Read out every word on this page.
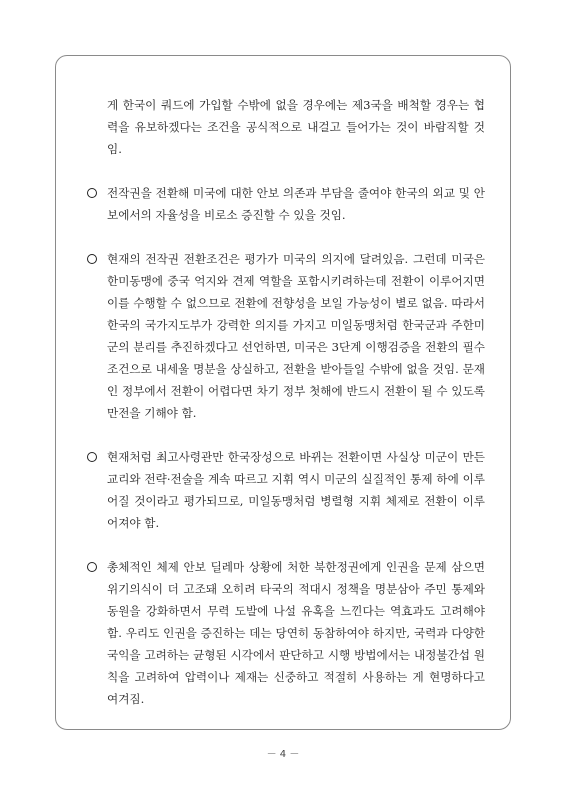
게 한국이 쿼드에 가입할 수밖에 없을 경우에는 제3국을 배척할 경우는 협력을 유보하겠다는 조건을 공식적으로 내걸고 들어가는 것이 바람직할 것임.

전작권을 전환해 미국에 대한 안보 의존과 부담을 줄여야 한국의 외교 및 안보에서의 자율성을 비로소 증진할 수 있을 것임.
현재의 전작권 전환조건은 평가가 미국의 의지에 달려있음. 그런데 미국은 한미동맹에 중국 억지와 견제 역할을 포함시키려하는데 전환이 이루어지면 이를 수행할 수 없으므로 전환에 전향성을 보일 가능성이 별로 없음. 따라서 한국의 국가지도부가 강력한 의지를 가지고 미일동맹처럼 한국군과 주한미군의 분리를 추진하겠다고 선언하면, 미국은 3단계 이행검증을 전환의 필수조건으로 내세울 명분을 상실하고, 전환을 받아들일 수밖에 없을 것임. 문재인 정부에서 전환이 어렵다면 차기 정부 첫해에 반드시 전환이 될 수 있도록 만전을 기해야 함.
현재처럼 최고사령관만 한국장성으로 바뀌는 전환이면 사실상 미군이 만든 교리와 전략·전술을 계속 따르고 지휘 역시 미군의 실질적인 통제 하에 이루어질 것이라고 평가되므로, 미일동맹처럼 병렬형 지휘 체제로 전환이 이루어져야 함.
총체적인 체제 안보 딜레마 상황에 처한 북한정권에게 인권을 문제 삼으면 위기의식이 더 고조돼 오히려 타국의 적대시 정책을 명분삼아 주민 통제와 동원을 강화하면서 무력 도발에 나설 유혹을 느낀다는 역효과도 고려해야 함. 우리도 인권을 증진하는 데는 당연히 동참하여야 하지만, 국력과 다양한 국익을 고려하는 균형된 시각에서 판단하고 시행 방법에서는 내정불간섭 원칙을 고려하여 압력이나 제재는 신중하고 적절히 사용하는 게 현명하다고 여겨짐.
－ 4 －
